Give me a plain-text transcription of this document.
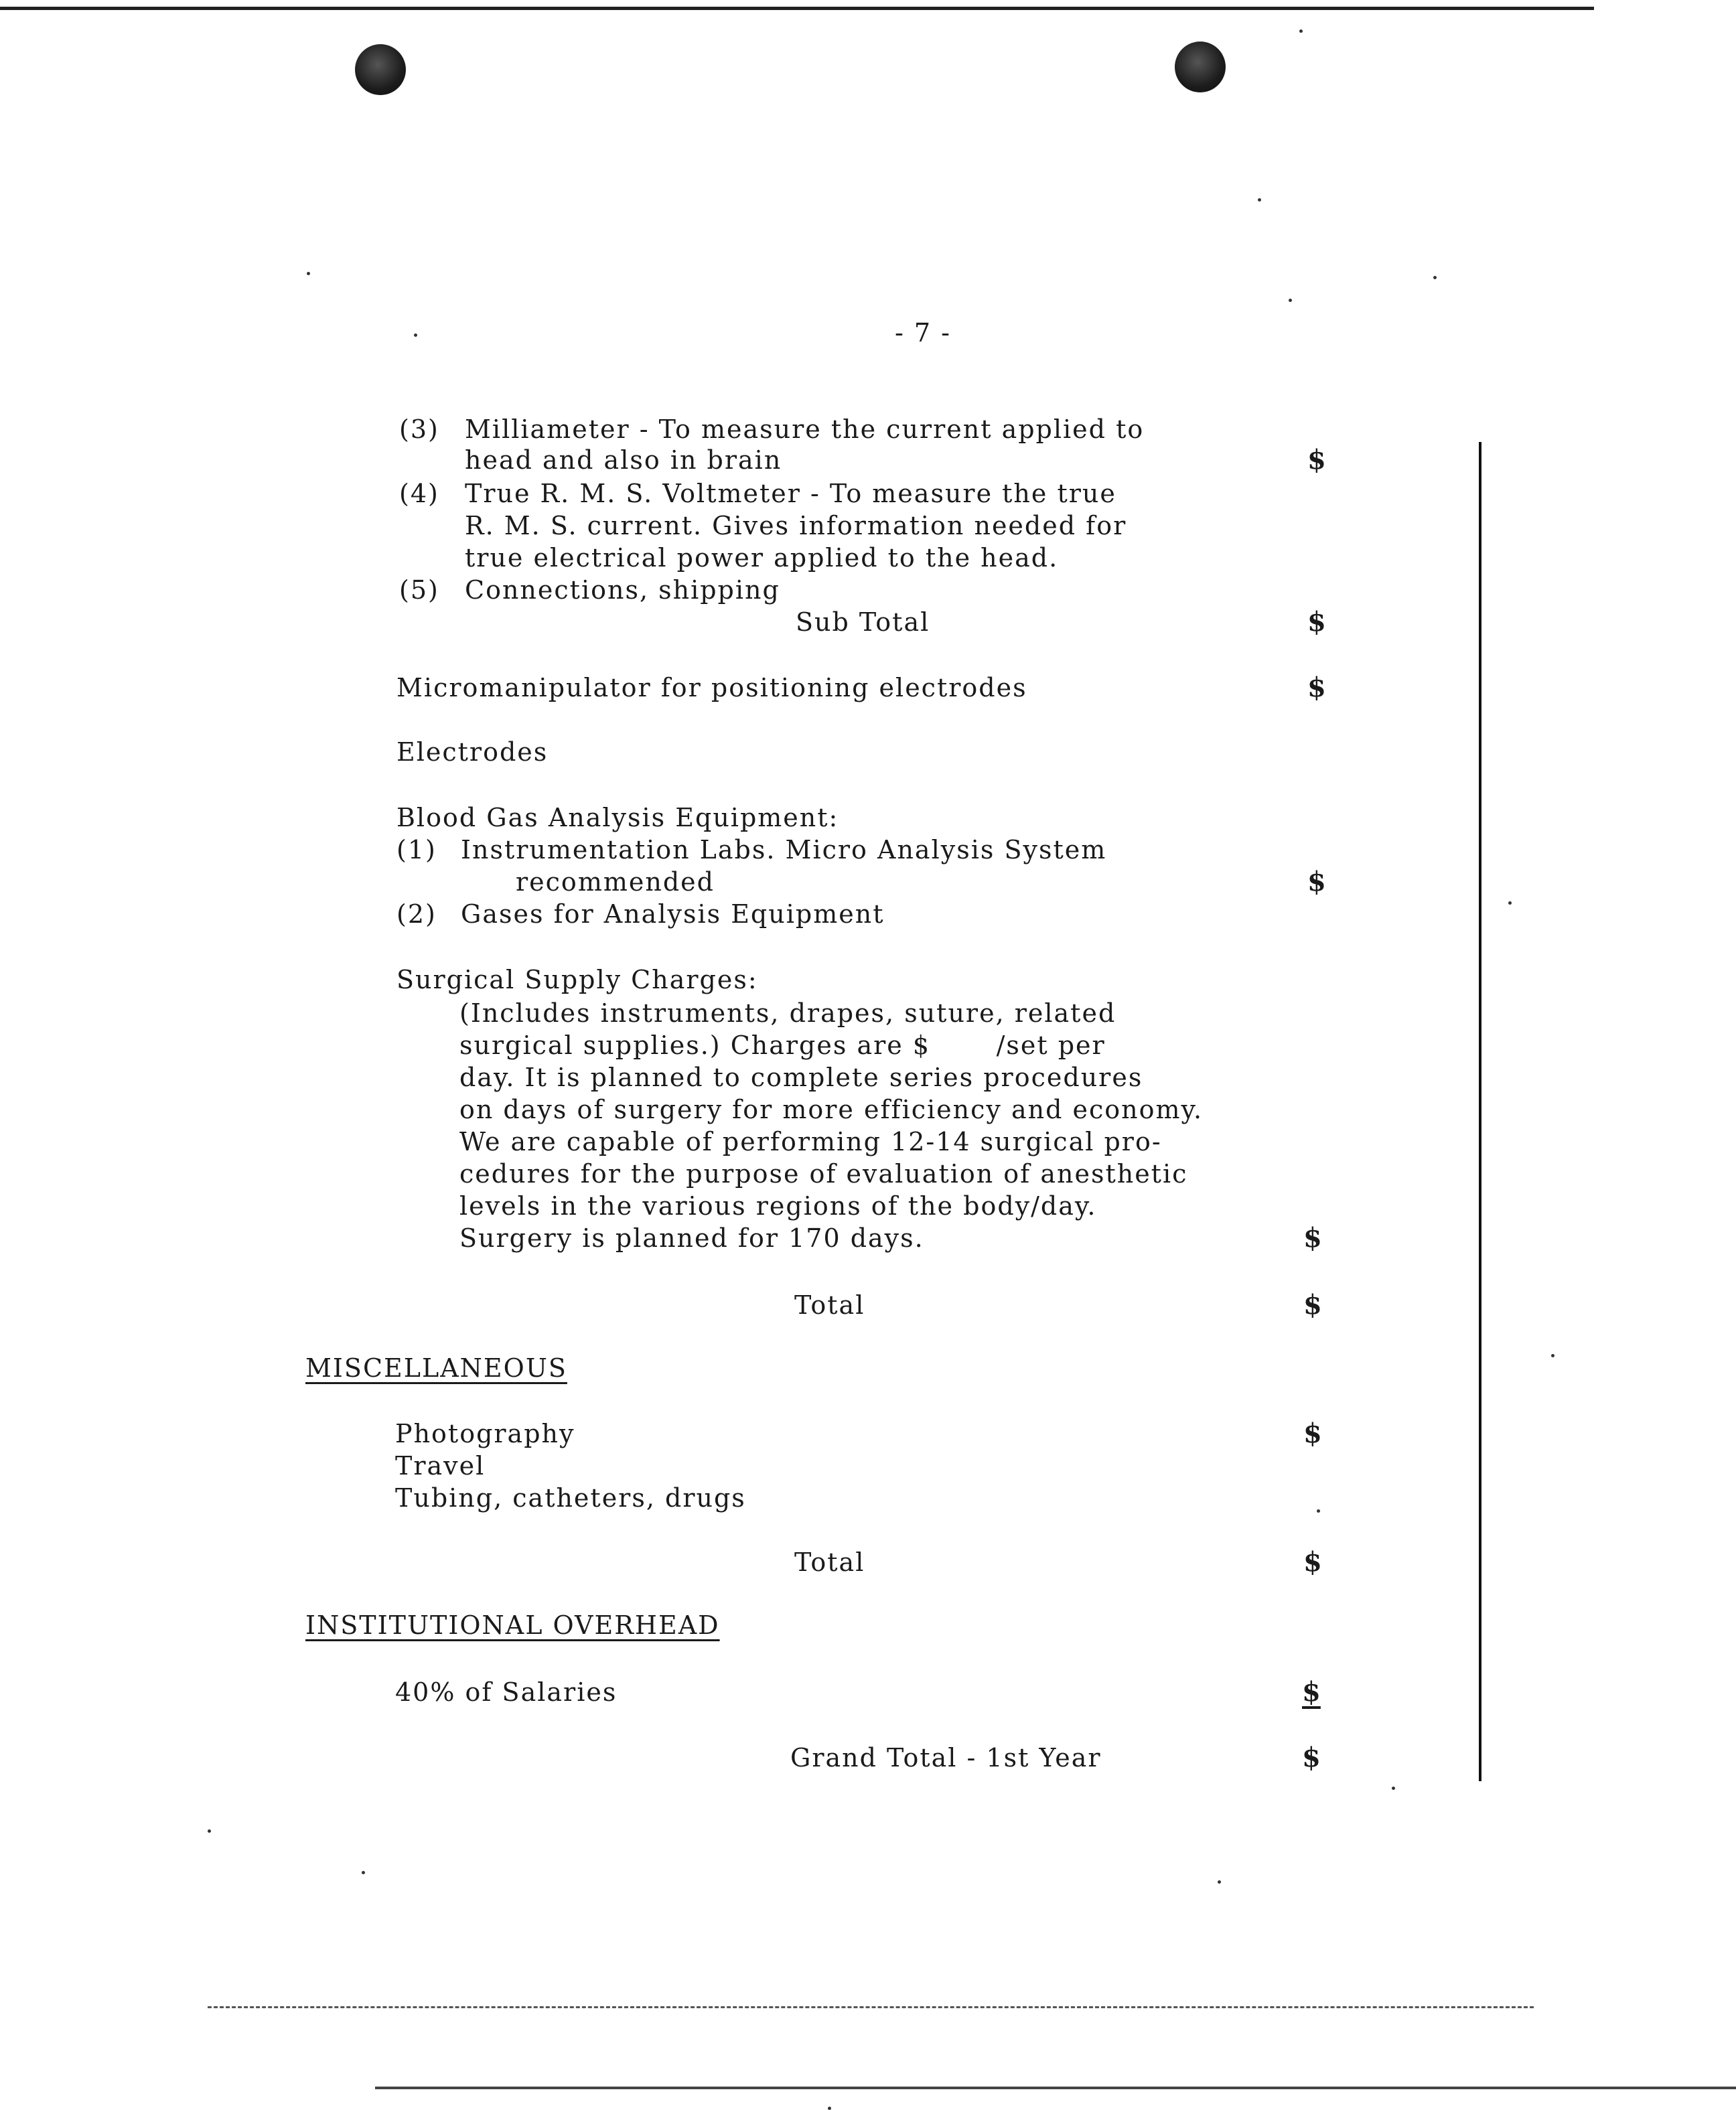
- 7 -
(3) Milliameter - To measure the current applied to
head and also in brain	$
(4) True R. M. S. Voltmeter - To measure the true
R. M. S. current. Gives information needed for
true electrical power applied to the head.
(5) Connections, shipping
Sub Total	$
Micromanipulator for positioning electrodes	$
Electrodes
Blood Gas Analysis Equipment:
(1) Instrumentation Labs. Micro Analysis System
recommended	$
(2) Gases for Analysis Equipment
Surgical Supply Charges:
(Includes instruments, drapes, suture, related
surgical supplies.) Charges are $       /set per
day. It is planned to complete series procedures
on days of surgery for more efficiency and economy.
We are capable of performing 12-14 surgical pro-
cedures for the purpose of evaluation of anesthetic
levels in the various regions of the body/day.
Surgery is planned for 170 days.	$
Total	$
MISCELLANEOUS
Photography	$
Travel
Tubing, catheters, drugs
Total	$
INSTITUTIONAL OVERHEAD
40% of Salaries	$
Grand Total - 1st Year	$
